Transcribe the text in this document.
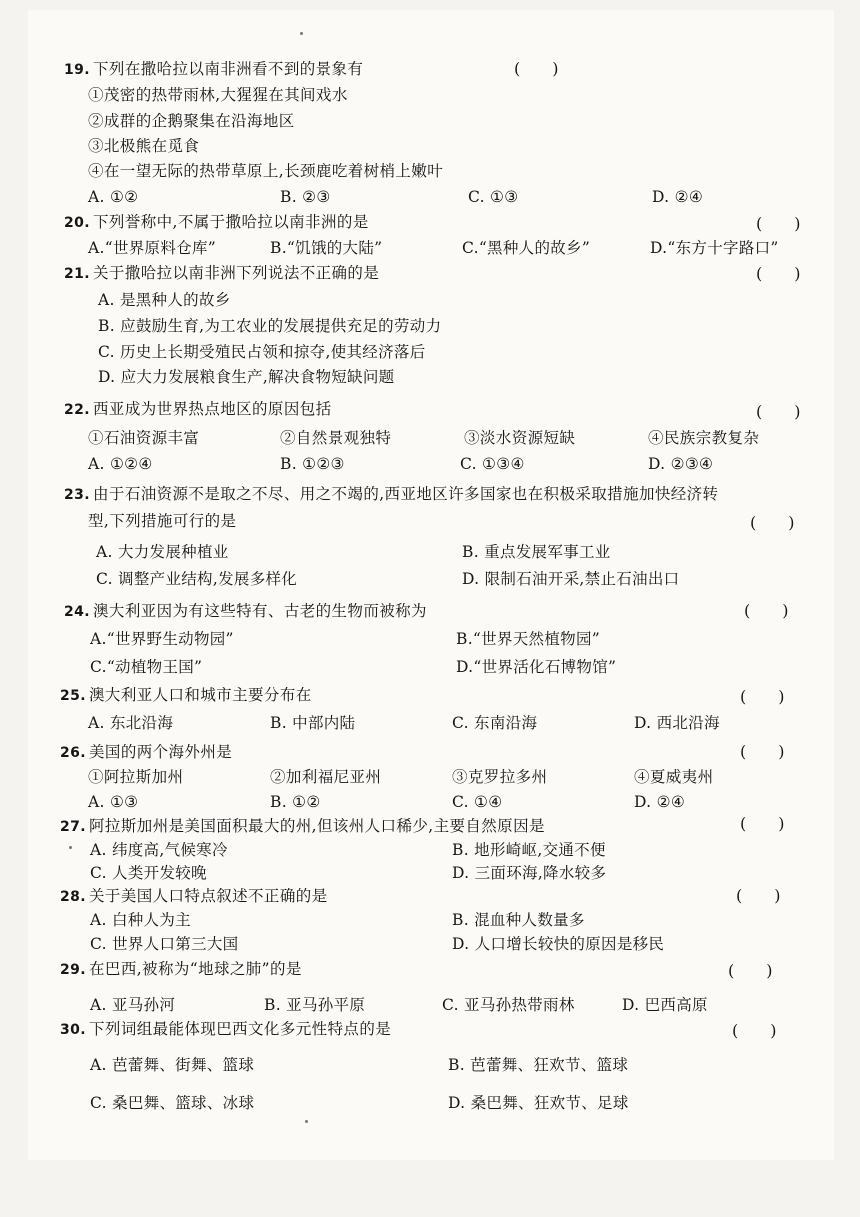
19. 下列在撒哈拉以南非洲看不到的景象有	(　　)
①茂密的热带雨林,大猩猩在其间戏水
②成群的企鹅聚集在沿海地区
③北极熊在觅食
④在一望无际的热带草原上,长颈鹿吃着树梢上嫩叶
A. ①②	B. ②③	C. ①③	D. ②④
20. 下列誉称中,不属于撒哈拉以南非洲的是	(　　)
A.“世界原料仓库”	B.“饥饿的大陆”	C.“黑种人的故乡”	D.“东方十字路口”
21. 关于撒哈拉以南非洲下列说法不正确的是	(　　)
A. 是黑种人的故乡
B. 应鼓励生育,为工农业的发展提供充足的劳动力
C. 历史上长期受殖民占领和掠夺,使其经济落后
D. 应大力发展粮食生产,解决食物短缺问题
22. 西亚成为世界热点地区的原因包括	(　　)
①石油资源丰富	②自然景观独特	③淡水资源短缺	④民族宗教复杂
A. ①②④	B. ①②③	C. ①③④	D. ②③④
23. 由于石油资源不是取之不尽、用之不竭的,西亚地区许多国家也在积极采取措施加快经济转
型,下列措施可行的是	(　　)
A. 大力发展种植业	B. 重点发展军事工业
C. 调整产业结构,发展多样化	D. 限制石油开采,禁止石油出口
24. 澳大利亚因为有这些特有、古老的生物而被称为	(　　)
A.“世界野生动物园”	B.“世界天然植物园”
C.“动植物王国”	D.“世界活化石博物馆”
25. 澳大利亚人口和城市主要分布在	(　　)
A. 东北沿海	B. 中部内陆	C. 东南沿海	D. 西北沿海
26. 美国的两个海外州是	(　　)
①阿拉斯加州	②加利福尼亚州	③克罗拉多州	④夏威夷州
A. ①③	B. ①②	C. ①④	D. ②④
27. 阿拉斯加州是美国面积最大的州,但该州人口稀少,主要自然原因是	(　　)
A. 纬度高,气候寒冷	B. 地形崎岖,交通不便
C. 人类开发较晚	D. 三面环海,降水较多
28. 关于美国人口特点叙述不正确的是	(　　)
A. 白种人为主	B. 混血种人数量多
C. 世界人口第三大国	D. 人口增长较快的原因是移民
29. 在巴西,被称为“地球之肺”的是	(　　)
A. 亚马孙河	B. 亚马孙平原	C. 亚马孙热带雨林	D. 巴西高原
30. 下列词组最能体现巴西文化多元性特点的是	(　　)
A. 芭蕾舞、街舞、篮球	B. 芭蕾舞、狂欢节、篮球
C. 桑巴舞、篮球、冰球	D. 桑巴舞、狂欢节、足球
